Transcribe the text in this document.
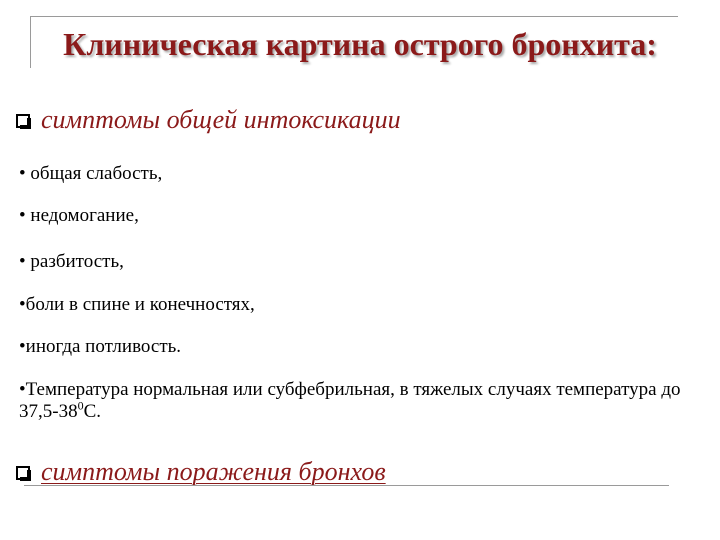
Клиническая картина острого бронхита:
симптомы общей интоксикации
• общая слабость,
• недомогание,
• разбитость,
•боли в спине и конечностях,
•иногда потливость.
•Температура нормальная или субфебрильная, в тяжелых случаях температура до $37,5-38^0С$.
симптомы поражения бронхов
